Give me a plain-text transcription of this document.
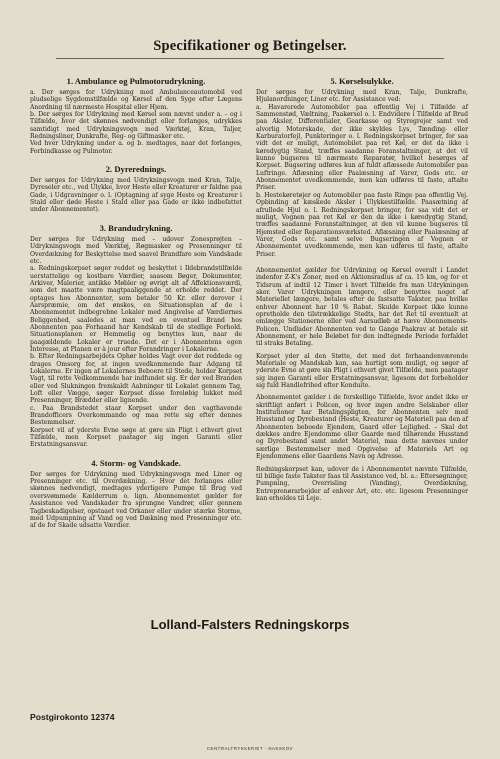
Specifikationer og Betingelser.
1. Ambulance og Pulmotorudrykning.

a. Der sørges for Udrykning med Ambulanceautomobil ved pludselige Sygdomstilfælde og Kørsel af den Syge efter Lægens Anordning til nærmeste Hospital eller Hjem.

b. Der sørges for Udrykning med Kørsel som nævnt under a. – og i Tilfælde, hvor det skønnes nødvendigt eller forlanges, udrykkes samtidigt med Udrykningsvogn med Værktøj, Kran, Taljer, Redningsliner, Dunkrafte, Reg- og Giftmasker etc.

Ved hver Udrykning under a. og b. medtages, naar det forlanges, Forbindkasse og Pulmotor.

2. Dyrerednings.

Der sørges for Udrykning med Udrykningsvogn med Kran, Talje, Dyreseler etc., ved Ulykke, hvor Heste eller Kreaturer er faldne paa Gade, i Udgravninger o. l. (Optagning af syge Heste og Kreaturer i Stald eller døde Heste i Stald eller paa Gade er ikke indbefattet under Abonnementet).

3. Brandudrykning.

Der sørges for Udrykning med – udover Zonesprøjten – Udrykningsvogn med Værktøj, Røgmasker og Presenninger til Overdækning for Beskyttelse mod saavel Brandfare som Vandskade etc.

a. Redningskorpset søger reddet og beskyttet i Ildebrandstilfælde uerstattelige og kostbare Værdier, saasom Bøger, Dokumenter, Arkiver, Malerier, antikke Møbler og øvrigt alt af Affektionsværdi, som det maatte være magtpaaliggende at erholde reddet. Der optages hos Abonnenter, som betaler 50 Kr. eller derover i Aarspræmie, om det ønskes, en Situationsplan af de i Abonnementet indbegrebne Lokaler med Angivelse af Værdiernes Beliggenhed, saaledes at man ved en eventuel Brand hos Abonnenten paa Forhaand har Kendskab til de stedlige Forhold. Situationsplanen er Hemmelig og benyttes kun, naar de paagældende Lokaler er truede. Det er i Abonnentens egen Interesse, at Planen er à jour efter Forandringer i Lokalerne.

b. Efter Redningsarbejdets Ophør holdes Vagt over det reddede og drages Omsorg for, at ingen uvedkommende faar Adgang til Lokalerne. Er ingen af Lokalernes Beboere til Stede, holder Korpset Vagt, til rette Vedkommende har indfundet sig. Er der ved Branden eller ved Slukningen fremkaldt Aabninger til Lokalet gennem Tag, Loft eller Vægge, søger Korpset disse foreløbig lukket med Presenninger, Brædder eller lignende.

c. Paa Brandstedet staar Korpset under den vagthavende Brandofficers Overkommando og maa rette sig efter dennes Bestemmelser.

Korpset vil af yderste Evne søge at gøre sin Pligt i ethvert givet Tilfælde, men Korpset paatager sig ingen Garanti eller Erstatningsansvar.

4. Storm- og Vandskade.

Der sørges for Udrykning med Udrykningsvogn med Liner og Presenninger etc. til Overdækning. – Hvor det forlanges eller skønnes nødvendigt, medtages yderligere Pumpe til Brug ved oversvømmede Kælderrum o. lign. Abonnementet gælder for Assistance ved Vandskader fra sprungne Vandrør, eller gennem Tagbeskadigelser, opstaaet ved Orkaner eller under stærke Storme, med Udpumpning af Vand og ved Dækning med Presenninger etc. af de for Skade udsatte Værdier.

5. Kørselsulykke.

Der sørges for Udrykning med Kran, Talje, Dunkrafte, Hjulanordninger, Liner etc. for Assistance ved:

a. Havarerede Automobiler paa offentlig Vej i Tilfælde af Sammenstød, Væltning, Paakørsel o. l. Endvidere i Tilfælde af Brud paa Aksler, Differentialer, Gearkasse og Styregrejer samt ved alvorlig Motorskade, der ikke skyldes Lys, Tænding- eller Karburatorfejl, Punkteringer o. l. Redningskorpset bringer, for saa vidt det er muligt, Automobilet paa ret Køl, er det da ikke i køredygtig Stand, træffes saadanne Foranstaltninger, at det vil kunne bugseres til nærmeste Reparatør, hvilket besørges af Korpset. Bugsering udføres kun af fuldt aflæssede Automobiler paa Luftringe. Aflæsning eller Paalæsning af Varer, Gods etc. er Abonnementet uvedkommende, men kan udføres til faste, aftalte Priser.

b. Hestekøretøjer og Automobiler paa faste Ringe paa offentlig Vej. Opbinding af kæskede Aksler i Ulykkestilfælde. Paasætning af afrullede Hjul o. l. Redningskorpset bringer, for saa vidt det er muligt, Vognen paa ret Køl er den da ikke i køredygtig Stand, træffes saadanne Foranstaltninger, at den vil kunne bugseres til Hjemsted eller Reparationsværksted. Aflæsning eller Paalæsning af Varer, Gods etc. samt selve Bugseringen af Vognen er Abonnementet uvedkommende, men kan udføres til faste, aftalte Priser.

Abonnementet gælder for Udrykning og Kørsel overalt i Landet indenfor Z-K's Zoner, med en Aktionsradius af ca. 15 km, og for et Tidsrum af indtil 12 Timer i hvert Tilfælde fra man Udrykningen sker. Varer Udrykningen længere, eller benyttes noget af Materiellet længere, betales efter de fastsatte Takster, paa hvilke enhver Abonnent har 10 % Rabat. Skulde Korpset ikke kunne opretholde den tilstrækkelige Stedts, har det Ret til eventuelt at omlægge Stationerne eller ved Aarsudløb at hæve Abonnements-Policen. Undlader Abonnenten ved to Gange Paakrav at betale sit Abonnement, er hele Beløbet for den indtegnede Periode forfaldet til straks Betaling.

Korpset yder al den Støtte, det med det forhaandenværende Materiale og Mandskab kan, saa hurtigt som muligt, og søger af yderste Evne at gøre sin Pligt i ethvert givet Tilfælde, men paatager sig ingen Garanti eller Erstatningsansvar, ligesom det forbeholder sig fuld Handlefrihed efter Konduite.

Abonnementet gælder i de forskellige Tilfælde, hvor andet ikke er skriftligt anført i Policen, og hvor ingen andre Selskaber eller Institutioner har Betalingspligten, for Abonnenten selv med Husstand og Dyrebestand (Heste, Kreaturer og Materiel) paa den af Abonnenten beboede Ejendom, Gaard eller Lejlighed. – Skal det dækkes andre Ejendomme eller Gaarde med tilhørende Husstand og Dyrebestand samt andet Materiel, maa dette nævnes under særlige Bestemmelser med Opgivelse af Materiels Art og Ejendommens eller Gaardens Navn og Adresse.

Redningskorpset kan, udover de i Abonnementet nævnte Tilfælde, til billige faste Takster faas til Assistance ved, bl. a.: Eftersøgninger, Pumpning, Overrisling (Vanding), Overdækning, Entreprenørarbejder af enhver Art, etc. etc. ligesom Presenninger kan erholdes til Leje.

Lolland-Falsters Redningskorps
Postgirokonto 12374
CENTRALTRYKKERIET · NAKSKOV
